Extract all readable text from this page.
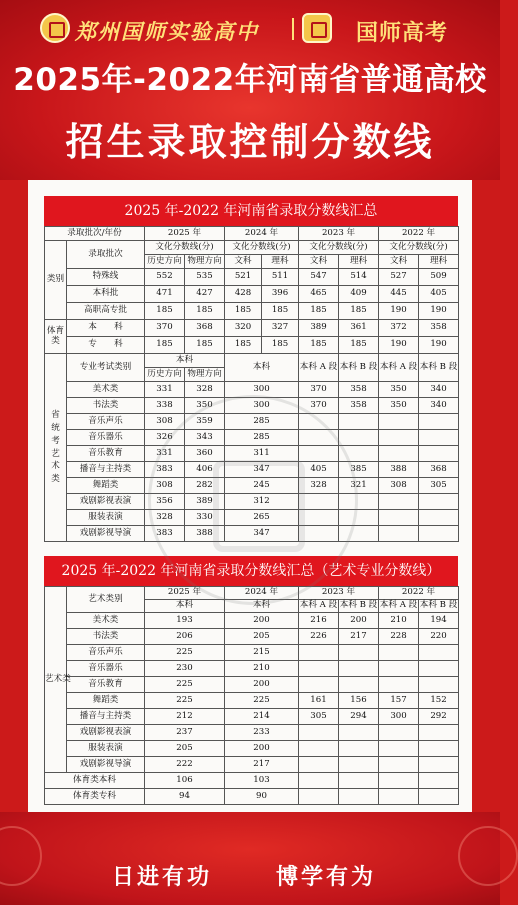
郑州国师实验高中	国师高考
2025年-2022年河南省普通高校
招生录取控制分数线
2025 年-2022 年河南省录取分数线汇总
录取批次/年份		2025 年		2024 年		2023 年		2022 年	
类别	录取批次	文化分数线(分)		文化分数线(分)		文化分数线(分)		文化分数线(分)	
		历史方向	物理方向	文科	理科	文科	理科	文科	理科
	特殊线	552	535	521	511	547	514	527	509
	本科批	471	427	428	396	465	409	445	405
	高职高专批	185	185	185	185	185	185	190	190
体育类	本　　科	370	368	320	327	389	361	372	358
	专　　科	185	185	185	185	185	185	190	190
省统考艺术类	专业考试类别	本科		本科		本科 A 段	本科 B 段	本科 A 段	本科 B 段
		历史方向	物理方向						
	美术类	331	328	300		370	358	350	340
	书法类	338	350	300		370	358	350	340
	音乐声乐	308	359	285					
	音乐器乐	326	343	285					
	音乐教育	331	360	311					
	播音与主持类	383	406	347		405	385	388	368
	舞蹈类	308	282	245		328	321	308	305
	戏剧影视表演	356	389	312					
	服装表演	328	330	265					
	戏剧影视导演	383	388	347					
2025 年-2022 年河南省录取分数线汇总（艺术专业分数线）
艺术类	艺术类别	2025 年	2024 年	2023 年		2022 年	
		本科	本科	本科 A 段	本科 B 段	本科 A 段	本科 B 段
	美术类	193	200	216	200	210	194
	书法类	206	205	226	217	228	220
	音乐声乐	225	215				
	音乐器乐	230	210				
	音乐教育	225	200				
	舞蹈类	225	225	161	156	157	152
	播音与主持类	212	214	305	294	300	292
	戏剧影视表演	237	233				
	服装表演	205	200				
	戏剧影视导演	222	217				
体育类本科		106	103				
体育类专科		94	90				
日进有功	博学有为
